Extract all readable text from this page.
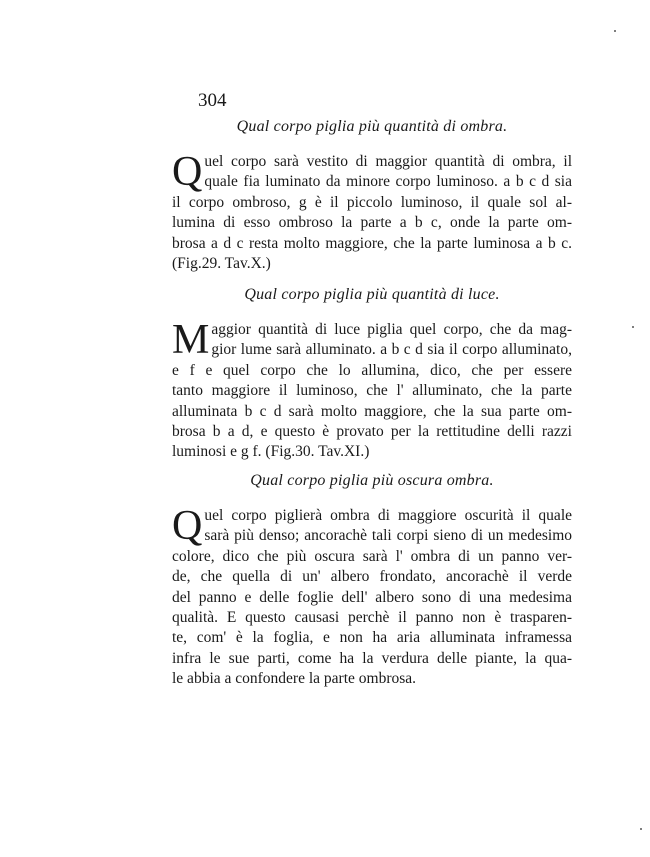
304
Qual corpo piglia più quantità di ombra.
Q uel corpo sarà vestito di maggior quantità di ombra, il
quale fia luminato da minore corpo luminoso. a b c d sia
il corpo ombroso, g è il piccolo luminoso, il quale sol al-
lumina di esso ombroso la parte a b c, onde la parte om-
brosa a d c resta molto maggiore, che la parte luminosa a b c.
(Fig.29. Tav.X.)
Qual corpo piglia più quantità di luce.
M aggior quantità di luce piglia quel corpo, che da mag-
gior lume sarà alluminato. a b c d sia il corpo alluminato,
e f e quel corpo che lo allumina, dico, che per essere
tanto maggiore il luminoso, che l' alluminato, che la parte
alluminata b c d sarà molto maggiore, che la sua parte om-
brosa b a d, e questo è provato per la rettitudine delli razzi
luminosi e g f. (Fig.30. Tav.XI.)
Qual corpo piglia più oscura ombra.
Q uel corpo piglierà ombra di maggiore oscurità il quale
sarà più denso; ancorachè tali corpi sieno di un medesimo
colore, dico che più oscura sarà l' ombra di un panno ver-
de, che quella di un' albero frondato, ancorachè il verde
del panno e delle foglie dell' albero sono di una medesima
qualità. E questo causasi perchè il panno non è trasparen-
te, com' è la foglia, e non ha aria alluminata inframessa
infra le sue parti, come ha la verdura delle piante, la qua-
le abbia a confondere la parte ombrosa.
